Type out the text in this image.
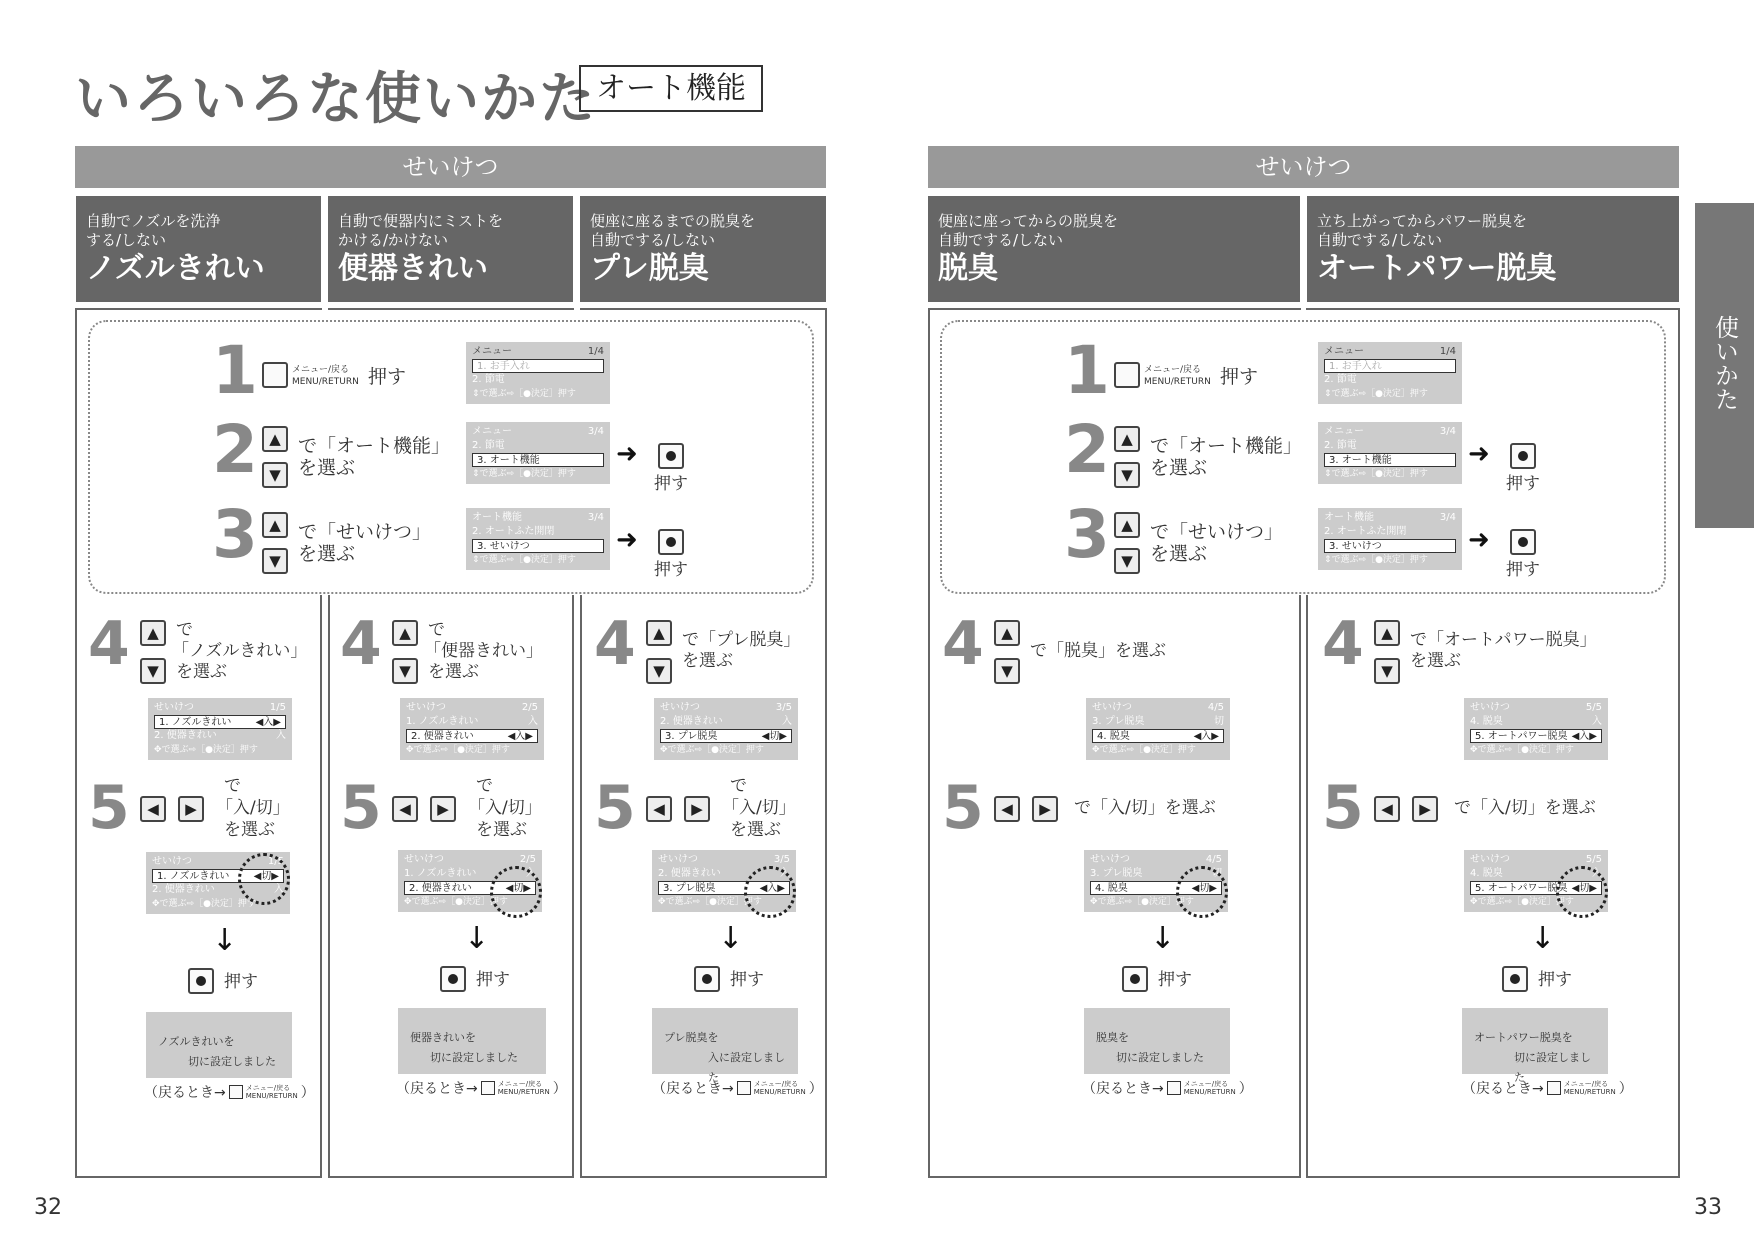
いろいろな使いかた オート機能
せいけつ	せいけつ
使いかた
自動でノズルを洗浄
する/しない
ノズルきれい
自動で便器内にミストを
かける/かけない
便器きれい
便座に座るまでの脱臭を
自動でする/しない
プレ脱臭
便座に座ってからの脱臭を
自動でする/しない
脱臭
立ち上がってからパワー脱臭を
自動でする/しない
オートパワー脱臭
1	メニュー/戻る
MENU/RETURN 押す
メニュー	1/4
1. お手入れ
2. 節電
⇕で選ぶ⇨［●決定］押す
2 ▲
▼
で「オート機能」
を選ぶ
メニュー	3/4
2. 節電
3. オート機能
⇕で選ぶ⇨［●決定］押す
➜
押す
3 ▲
▼
で「せいけつ」
を選ぶ
オート機能	3/4
2. オートふた開閉
3. せいけつ
⇕で選ぶ⇨［●決定］押す
➜
押す
1	メニュー/戻る
MENU/RETURN 押す
メニュー	1/4
1. お手入れ
2. 節電
⇕で選ぶ⇨［●決定］押す
2 ▲
▼
で「オート機能」
を選ぶ
メニュー	3/4
2. 節電
3. オート機能
⇕で選ぶ⇨［●決定］押す
➜
押す
3 ▲
▼
で「せいけつ」
を選ぶ
オート機能	3/4
2. オートふた開閉
3. せいけつ
⇕で選ぶ⇨［●決定］押す
➜
押す
4	▲
▼
で
「ノズルきれい」
を選ぶ
せいけつ	1/5
1. ノズルきれい ◀入▶
2. 便器きれい	入
✥で選ぶ⇨［●決定］押す
5	◀	▶
で
「入/切」
を選ぶ
せいけつ	1/5
1. ノズルきれい ◀切▶
2. 便器きれい	入
✥で選ぶ⇨［●決定］押す
↓
押す
ノズルきれいを
切に設定しました
（戻るとき→	メニュー/戻る
MENU/RETURN ）
4	▲
▼
で
「便器きれい」
を選ぶ
せいけつ	2/5
1. ノズルきれい	入
2. 便器きれい	◀入▶
✥で選ぶ⇨［●決定］押す
5	◀	▶
で
「入/切」
を選ぶ
せいけつ	2/5
1. ノズルきれい	入
2. 便器きれい	◀切▶
✥で選ぶ⇨［●決定］押す
↓
押す
便器きれいを
切に設定しました
（戻るとき→	メニュー/戻る
MENU/RETURN ）
4	▲
▼
で「プレ脱臭」
を選ぶ
せいけつ	3/5
2. 便器きれい	入
3. プレ脱臭	◀切▶
✥で選ぶ⇨［●決定］押す
5	◀	▶
で
「入/切」
を選ぶ
せいけつ	3/5
2. 便器きれい	入
3. プレ脱臭	◀入▶
✥で選ぶ⇨［●決定］押す
↓
押す
プレ脱臭を
入に設定しました
（戻るとき→	メニュー/戻る
MENU/RETURN ）
4	▲
▼
で「脱臭」を選ぶ
せいけつ	4/5
3. プレ脱臭	切
4. 脱臭	◀入▶
✥で選ぶ⇨［●決定］押す
5	◀	▶	で「入/切」を選ぶ
せいけつ	4/5
3. プレ脱臭	切
4. 脱臭	◀切▶
✥で選ぶ⇨［●決定］押す
↓
押す
脱臭を
切に設定しました
（戻るとき→	メニュー/戻る
MENU/RETURN ）
4	▲
▼
で「オートパワー脱臭」
を選ぶ
せいけつ	5/5
4. 脱臭	入
5. オートパワー脱臭 ◀入▶
✥で選ぶ⇨［●決定］押す
5	◀	▶	で「入/切」を選ぶ
せいけつ	5/5
4. 脱臭	入
5. オートパワー脱臭 ◀切▶
✥で選ぶ⇨［●決定］押す
↓
押す
オートパワー脱臭を
切に設定しました
（戻るとき→	メニュー/戻る
MENU/RETURN ）
32	33
